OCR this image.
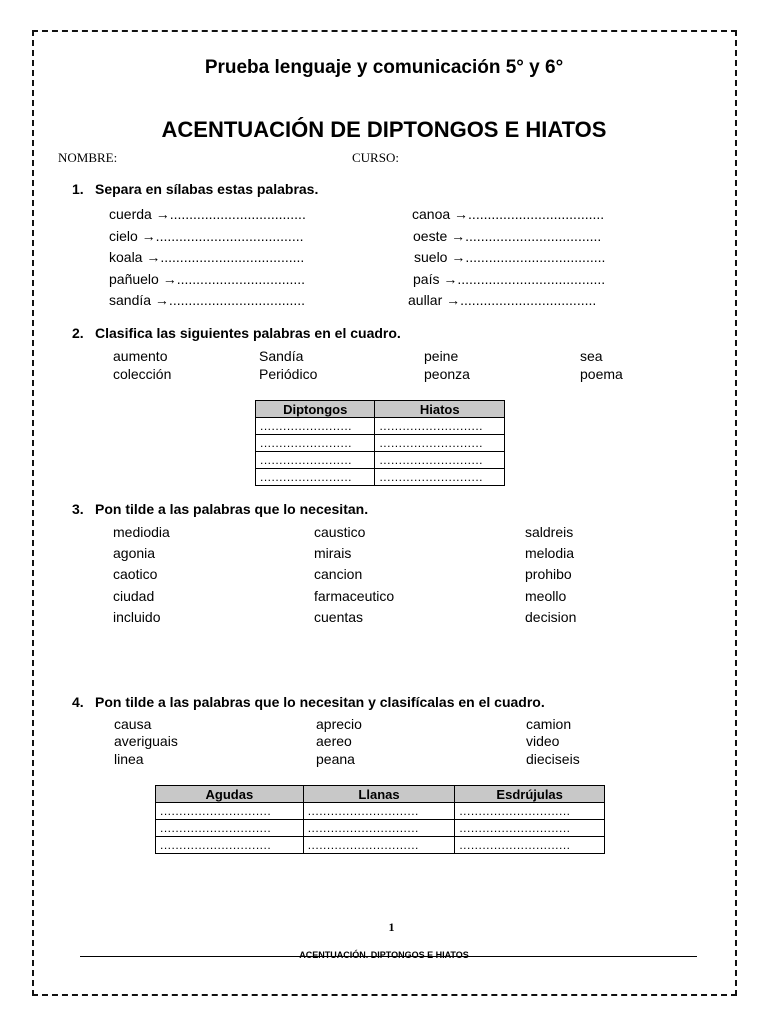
Prueba lenguaje y comunicación 5° y 6°
ACENTUACIÓN DE DIPTONGOS E HIATOS
NOMBRE:	CURSO:
1. Separa en sílabas estas palabras.
cuerda →...................................
cielo →......................................
koala →.....................................
pañuelo →.................................
sandía →...................................
canoa →...................................
oeste →...................................
suelo →....................................
país →......................................
aullar →...................................
2. Clasifica las siguientes palabras en el cuadro.
aumento	Sandía	peine	sea
colección	Periódico	peonza	poema
Diptongos	Hiatos
........................	...........................
........................	...........................
........................	...........................
........................	...........................
3. Pon tilde a las palabras que lo necesitan.
mediodia
agonia
caotico
ciudad
incluido
caustico
mirais
cancion
farmaceutico
cuentas
saldreis
melodia
prohibo
meollo
decision
4. Pon tilde a las palabras que lo necesitan y clasifícalas en el cuadro.
causa
averiguais
linea
aprecio
aereo
peana
camion
video
dieciseis
Agudas	Llanas	Esdrújulas
.............................	.............................	.............................
.............................	.............................	.............................
.............................	.............................	.............................
1
ACENTUACIÓN. DIPTONGOS E HIATOS
